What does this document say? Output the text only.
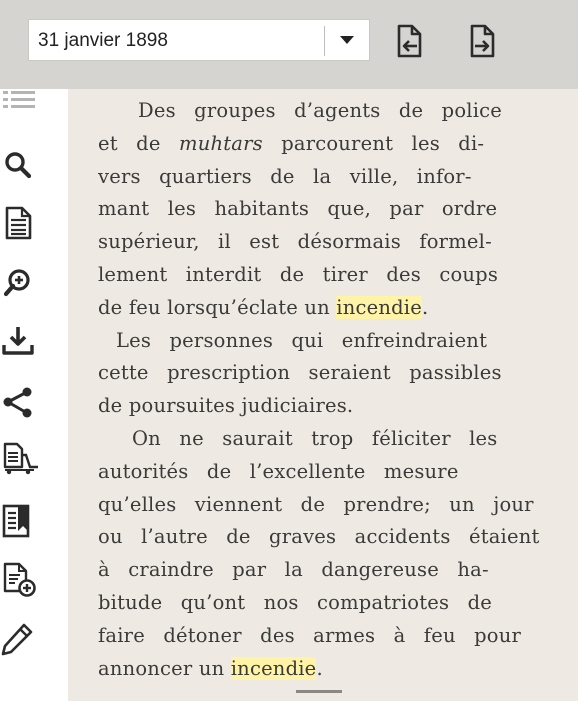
31 janvier 1898
Des groupes d’agents de police
et de muhtars parcourent les di-
vers quartiers de la ville, infor-
mant les habitants que, par ordre
supérieur, il est désormais formel-
lement interdit de tirer des coups
de feu lorsqu’éclate un incendie.
Les personnes qui enfreindraient
cette prescription seraient passibles
de poursuites judiciaires.
On ne saurait trop féliciter les
autorités de l’excellente mesure
qu’elles viennent de prendre; un jour
ou l’autre de graves accidents étaient
à craindre par la dangereuse ha-
bitude qu’ont nos compatriotes de
faire détoner des armes à feu pour
annoncer un incendie.
